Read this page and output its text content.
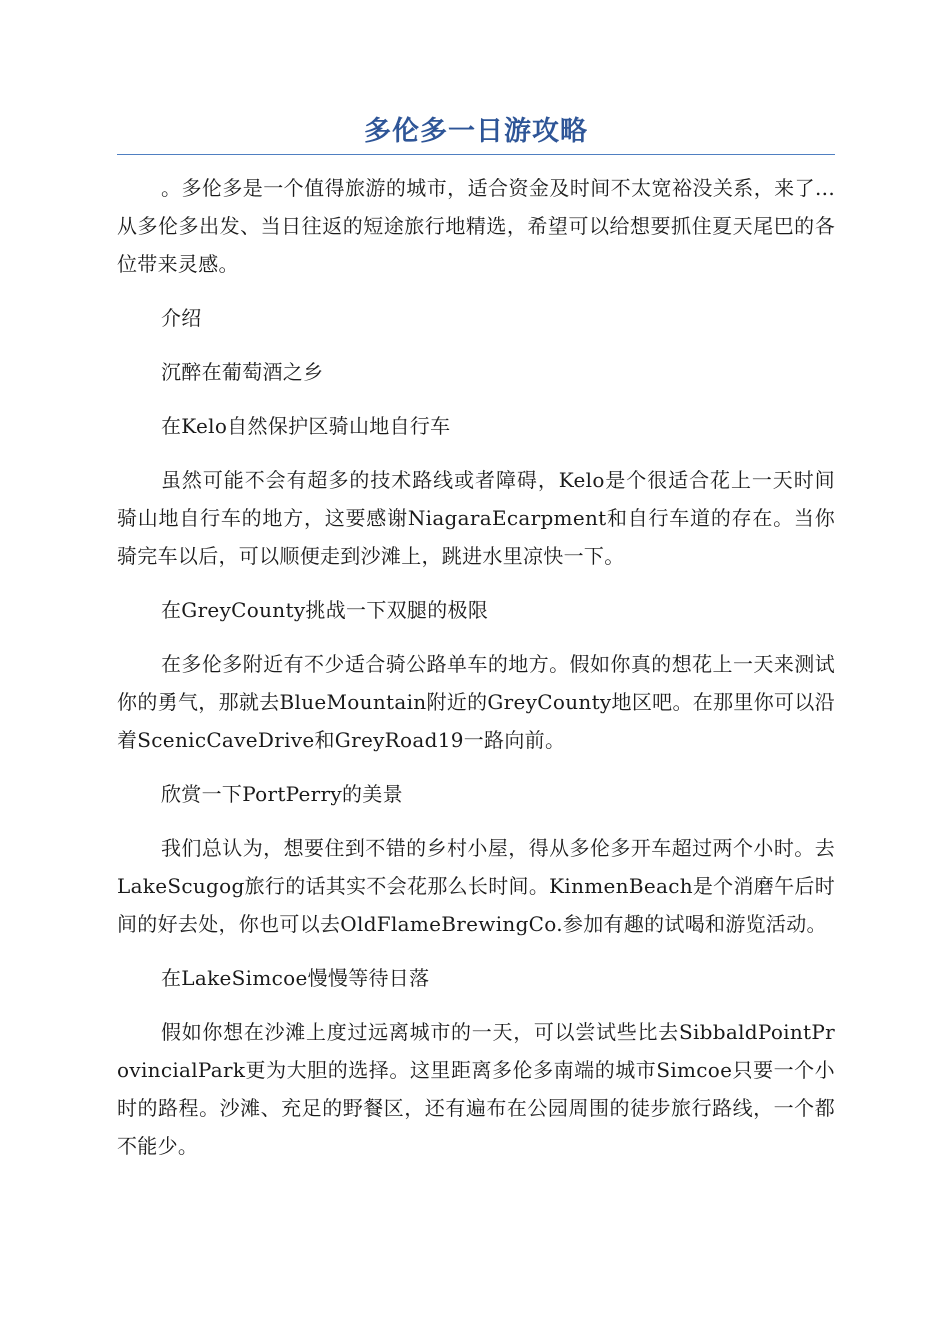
多伦多一日游攻略

。多伦多是一个值得旅游的城市，适合资金及时间不太宽裕没关系，来了...从多伦多出发、当日往返的短途旅行地精选，希望可以给想要抓住夏天尾巴的各位带来灵感。

介绍

沉醉在葡萄酒之乡

在Kelo自然保护区骑山地自行车

虽然可能不会有超多的技术路线或者障碍，Kelo是个很适合花上一天时间骑山地自行车的地方，这要感谢NiagaraEcarpment和自行车道的存在。当你骑完车以后，可以顺便走到沙滩上，跳进水里凉快一下。

在GreyCounty挑战一下双腿的极限

在多伦多附近有不少适合骑公路单车的地方。假如你真的想花上一天来测试你的勇气，那就去BlueMountain附近的GreyCounty地区吧。在那里你可以沿着ScenicCaveDrive和GreyRoad19一路向前。

欣赏一下PortPerry的美景

我们总认为，想要住到不错的乡村小屋，得从多伦多开车超过两个小时。去LakeScugog旅行的话其实不会花那么长时间。KinmenBeach是个消磨午后时间的好去处，你也可以去OldFlameBrewingCo.参加有趣的试喝和游览活动。

在LakeSimcoe慢慢等待日落

假如你想在沙滩上度过远离城市的一天，可以尝试些比去SibbaldPointProvincialPark更为大胆的选择。这里距离多伦多南端的城市Simcoe只要一个小时的路程。沙滩、充足的野餐区，还有遍布在公园周围的徒步旅行路线，一个都不能少。
